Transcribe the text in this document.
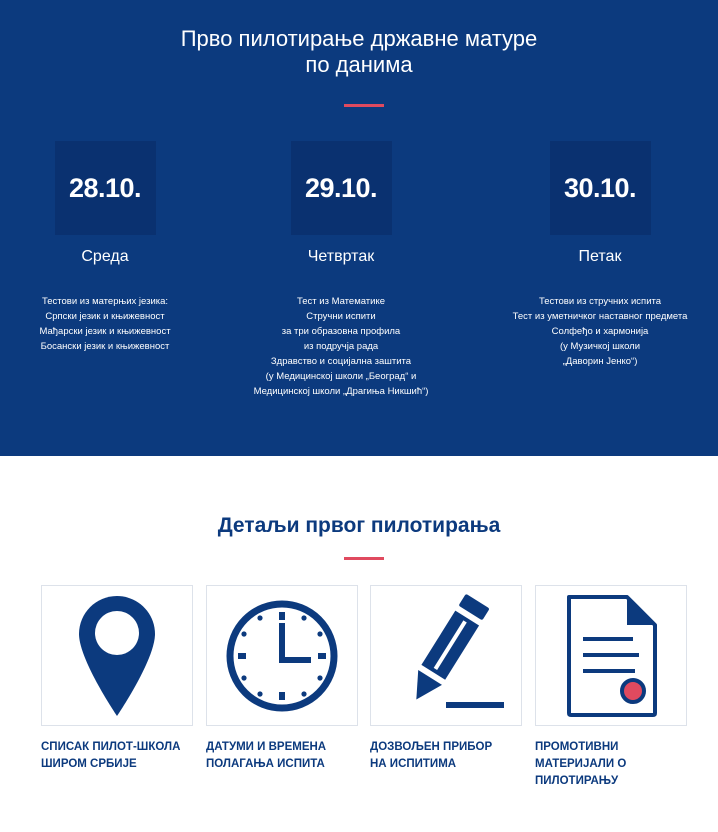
Прво пилотирање државне матуре
по данима
28.10.
Среда
Тестови из матерњих језика:
Српски језик и књижевност
Мађарски језик и књижевност
Босански језик и књижевност
29.10.
Четвртак
Тест из Математике
Стручни испити
за три образовна профила
из подручја рада
Здравство и социјална заштита
(у Медицинској школи „Београд“ и
Медицинској школи „Драгиња Никшић“)
30.10.
Петак
Тестови из стручних испита
Тест из уметничког наставног предмета
Солфеђо и хармонија
(у Музичкој школи
„Даворин Јенко“)
Детаљи првог пилотирања
СПИСАК ПИЛОТ-ШКОЛА
ШИРОМ СРБИЈЕ
ДАТУМИ И ВРЕМЕНА
ПОЛАГАЊА ИСПИТА
ДОЗВОЉЕН ПРИБОР
НА ИСПИТИМА
ПРОМОТИВНИ
МАТЕРИЈАЛИ О
ПИЛОТИРАЊУ
